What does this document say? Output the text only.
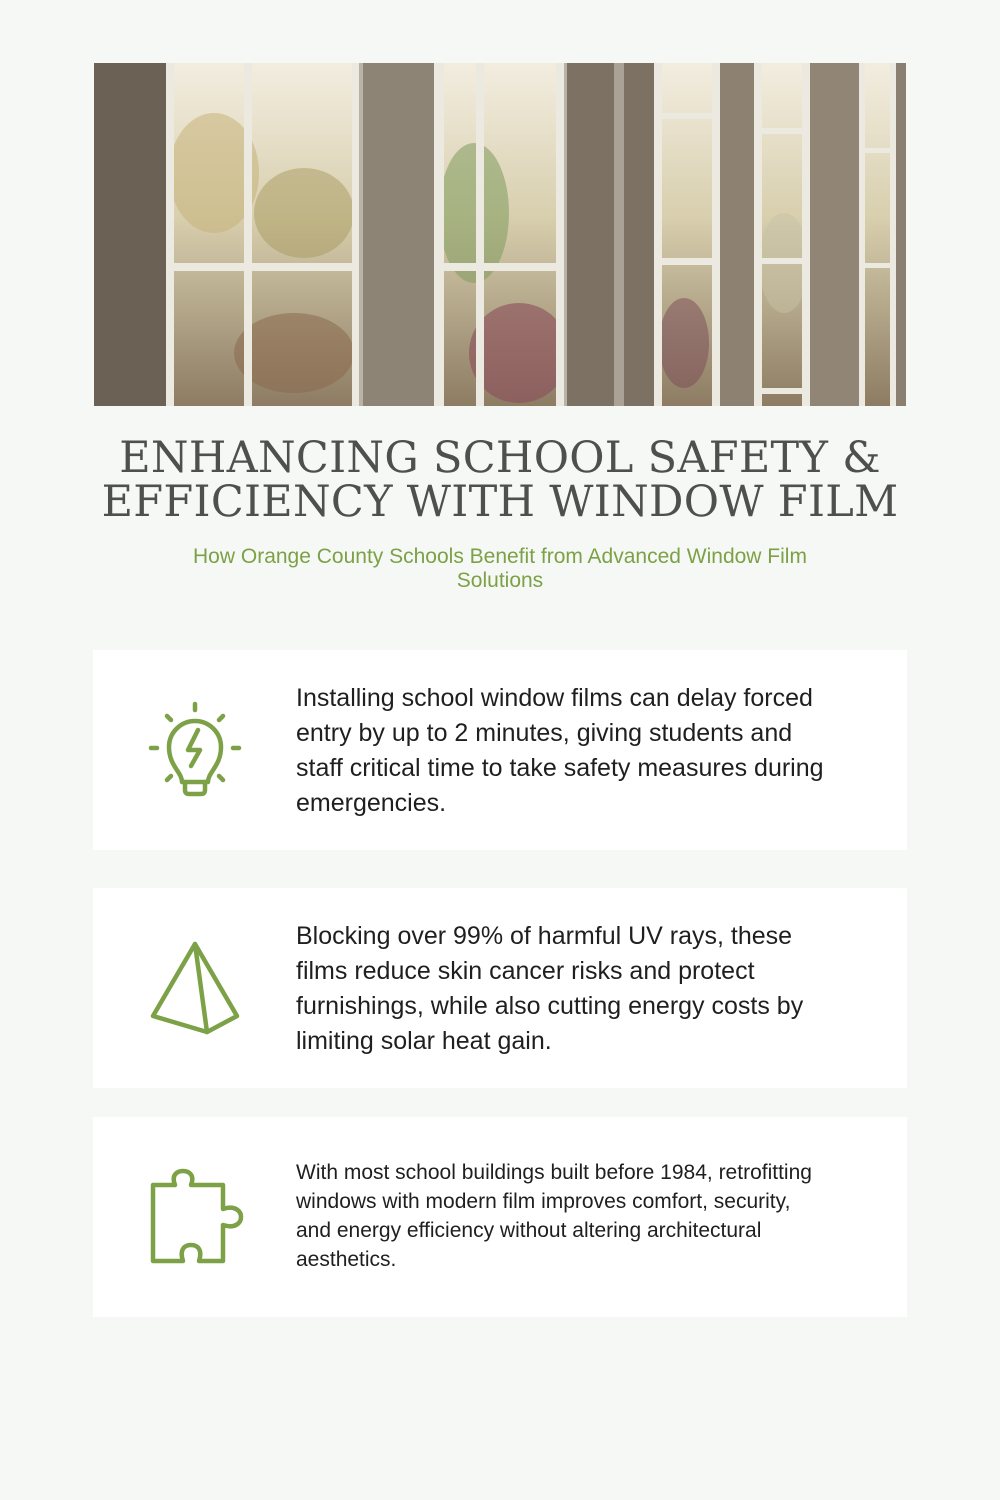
ENHANCING SCHOOL SAFETY &
EFFICIENCY WITH WINDOW FILM

How Orange County Schools Benefit from Advanced Window Film Solutions

Installing school window films can delay forced entry by up to 2 minutes, giving students and staff critical time to take safety measures during emergencies.

Blocking over 99% of harmful UV rays, these films reduce skin cancer risks and protect furnishings, while also cutting energy costs by limiting solar heat gain.

With most school buildings built before 1984, retrofitting windows with modern film improves comfort, security, and energy efficiency without altering architectural aesthetics.
